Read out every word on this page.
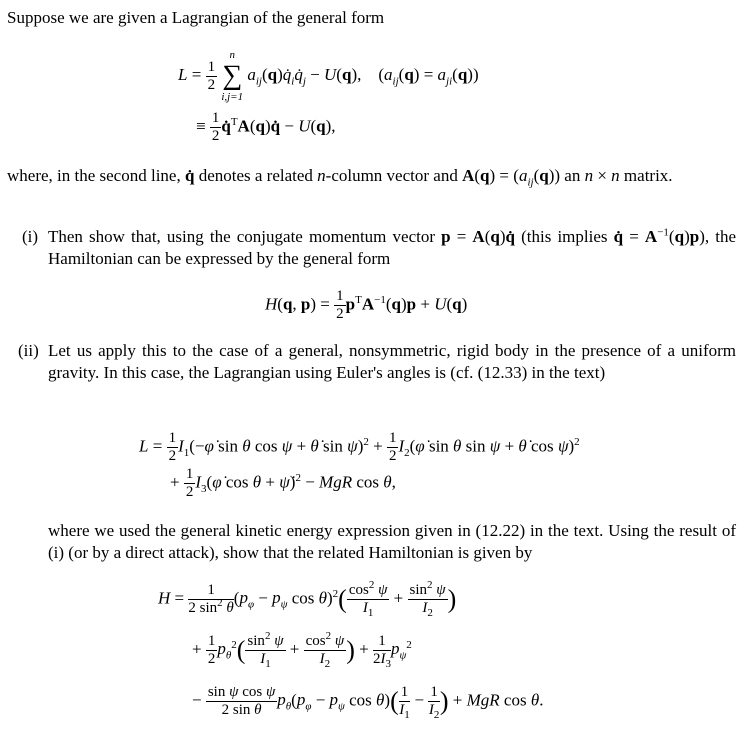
Suppose we are given a Lagrangian of the general form
$L = \frac{1}{2}$

n
∑
i,j=1
$a_{ij}(q)q̇_iq̇_j - U(q)$,    $(a_{ij}(q) = a_{ji}(q))$
≡ $\frac{1}{2}$ q̇$^T$A(q)q̇ − U(q),
where, in the second line, q̇ denotes a related n-column vector and $A(q) = (a_{ij}(q))$ an n × n matrix.
(i) Then show that, using the conjugate momentum vector p = A(q)q̇ (this implies q̇ = $A^{-1}(q)p$), the Hamiltonian can be expressed by the general form
H(q, $p) = \frac{1}{2} p^TA^{-1}(q)p + U(q)$
(ii) Let us apply this to the case of a general, nonsymmetric, rigid body in the presence of a uniform gravity. In this case, the Lagrangian using Euler's angles is (cf. (12.33) in the text)
$L = \frac{1}{2}$ $I_1(-\varphi̇$ sin θ cos ψ + θ̇ $\sin \psi)^2 + \frac{1}{2}$ $I_2(\varphi̇$ sin θ sin ψ + θ̇ cos ψ)$^2$
+ $\frac{1}{2}$ $I_3(\varphi̇$ cos θ + ψ̇)$^2$ − MgR cos θ,
where we used the general kinetic energy expression given in (12.22) in the text. Using the result of (i) (or by a direct attack), show that the related Hamiltonian is given by
$H = \frac{1}{2 \sin^2 \theta} (p_\varphi - p_\psi$ $\cos \theta)^2( \frac{\cos^2 \psi}{I_1} + \frac{\sin^2 \psi}{I_2}$ )
+ $\frac{1}{2} p_\theta^2( \frac{\sin^2 \psi}{I_1} + \frac{\cos^2 \psi}{I_2}$ ) + $\frac{1}{2I_3} p_\psi^2$
− $\frac{\text{sin ψ cos ψ}}{\text{2 sin θ}} p_\theta(p_\varphi - p_\psi$ $\cos \theta)( \frac{1}{I_1} - \frac{1}{I_2}$ ) + MgR cos θ.
